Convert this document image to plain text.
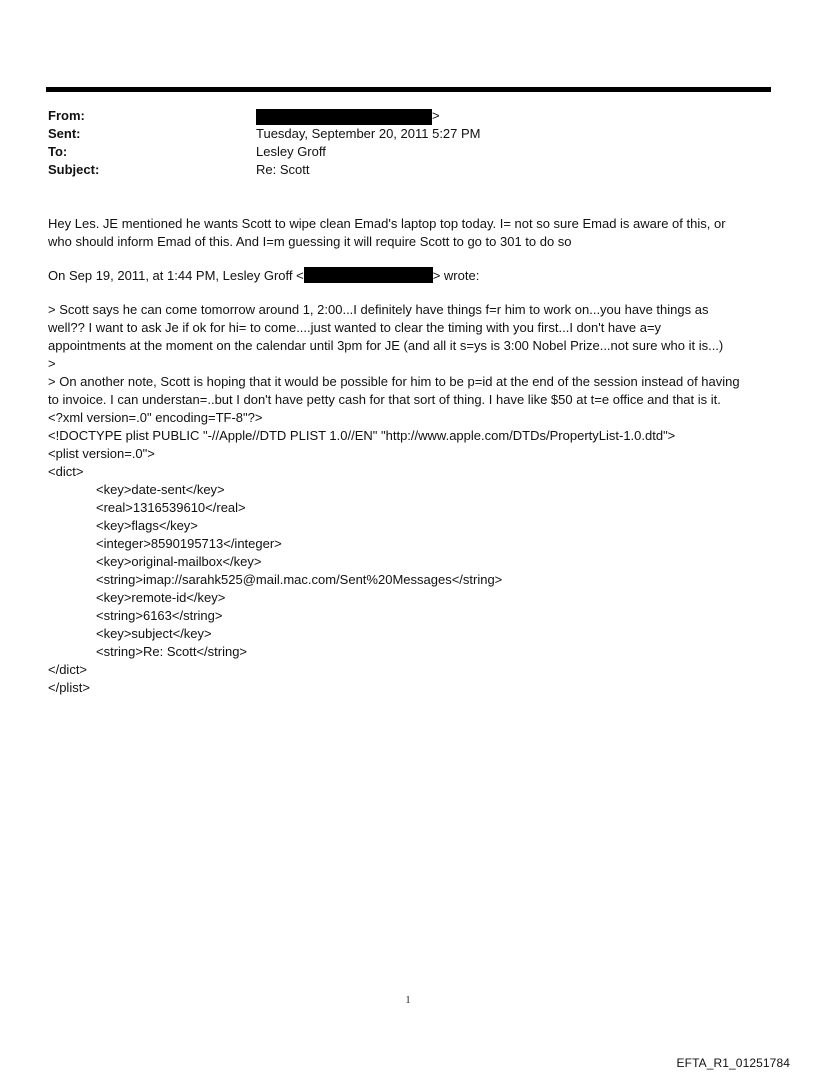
From:	>
Sent:	Tuesday, September 20, 2011 5:27 PM
To:	Lesley Groff
Subject:	Re: Scott
Hey Les. JE mentioned he wants Scott to wipe clean Emad's laptop top today. I= not so sure Emad is aware of this, or
who should inform Emad of this. And I=m guessing it will require Scott to go to 301 to do so
On Sep 19, 2011, at 1:44 PM, Lesley Groff <	> wrote:
> Scott says he can come tomorrow around 1, 2:00...I definitely have things f=r him to work on...you have things as
well?? I want to ask Je if ok for hi= to come....just wanted to clear the timing with you first...I don't have a=y
appointments at the moment on the calendar until 3pm for JE (and all it s=ys is 3:00 Nobel Prize...not sure who it is...)
>
> On another note, Scott is hoping that it would be possible for him to be p=id at the end of the session instead of having
to invoice. I can understan=..but I don't have petty cash for that sort of thing. I have like $50 at t=e office and that is it.
<?xml version=.0" encoding=TF-8"?>
<!DOCTYPE plist PUBLIC "-//Apple//DTD PLIST 1.0//EN" "http://www.apple.com/DTDs/PropertyList-1.0.dtd">
<plist version=.0">
<dict>
<key>date-sent</key>
<real>1316539610</real>
<key>flags</key>
<integer>8590195713</integer>
<key>original-mailbox</key>
<string>imap://sarahk525@mail.mac.com/Sent%20Messages</string>
<key>remote-id</key>
<string>6163</string>
<key>subject</key>
<string>Re: Scott</string>
</dict>
</plist>
1
EFTA_R1_01251784
